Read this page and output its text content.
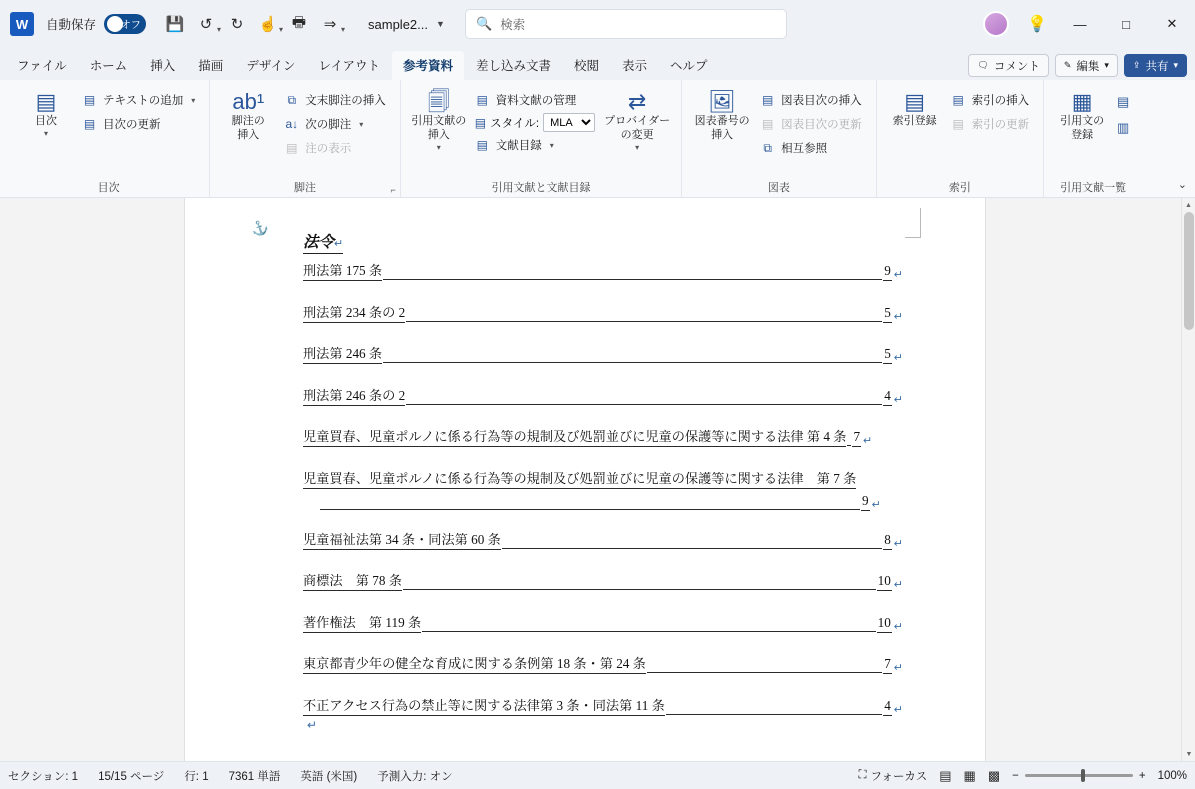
W	自動保存 オフ	💾	↺ ▾	↻	☝ ▾ 🖶	⇒ ▾	sample2... ▼ 🔍 検索	💡	—	□	✕
ファイル	ホーム	挿入	描画	デザイン	レイアウト	参考資料	差し込み文書	校閲	表示	ヘルプ	🗨 コメント	✎ 編集 ▾	⇪ 共有 ▾
▤
目次
▾
▤ テキストの追加 ▾
▤ 目次の更新
目次
ab¹
脚注の
挿入
⧉ 文末脚注の挿入
a↓ 次の脚注 ▾
▤ 注の表示
脚注	⌐
🗐
引用文献の
挿入
▾
▤ 資料文献の管理
▤ スタイル:
MLA
▤ 文献目録 ▾
⇄
プロバイダー
の変更
▾
引用文献と文献目録
🖼
図表番号の
挿入
▤ 図表目次の挿入
▤ 図表目次の更新
⧉ 相互参照
図表
▤
索引登録
▤ 索引の挿入
▤ 索引の更新
索引
▦
引用文の
登録
▤
▥
引用文献一覧	⌄
⚓
法令↵
刑法第 175 条	9 ↵
刑法第 234 条の 2	5 ↵
刑法第 246 条	5 ↵
刑法第 246 条の 2	4 ↵
児童買春、児童ポルノに係る行為等の規制及び処罰並びに児童の保護等に関する法律 第 4 条 7 ↵
児童買春、児童ポルノに係る行為等の規制及び処罰並びに児童の保護等に関する法律　第 7 条
9 ↵
児童福祉法第 34 条・同法第 60 条	8 ↵
商標法　第 78 条	10 ↵
著作権法　第 119 条	10 ↵
東京都青少年の健全な育成に関する条例第 18 条・第 24 条	7 ↵
不正アクセス行為の禁止等に関する法律第 3 条・同法第 11 条	4 ↵
↵
▲
▼
セクション: 1 15/15 ページ 行: 1 7361 単語 英語 (米国) 予測入力: オン	⛶ フォーカス ▤ ▦ ▩ −	+ 100%
